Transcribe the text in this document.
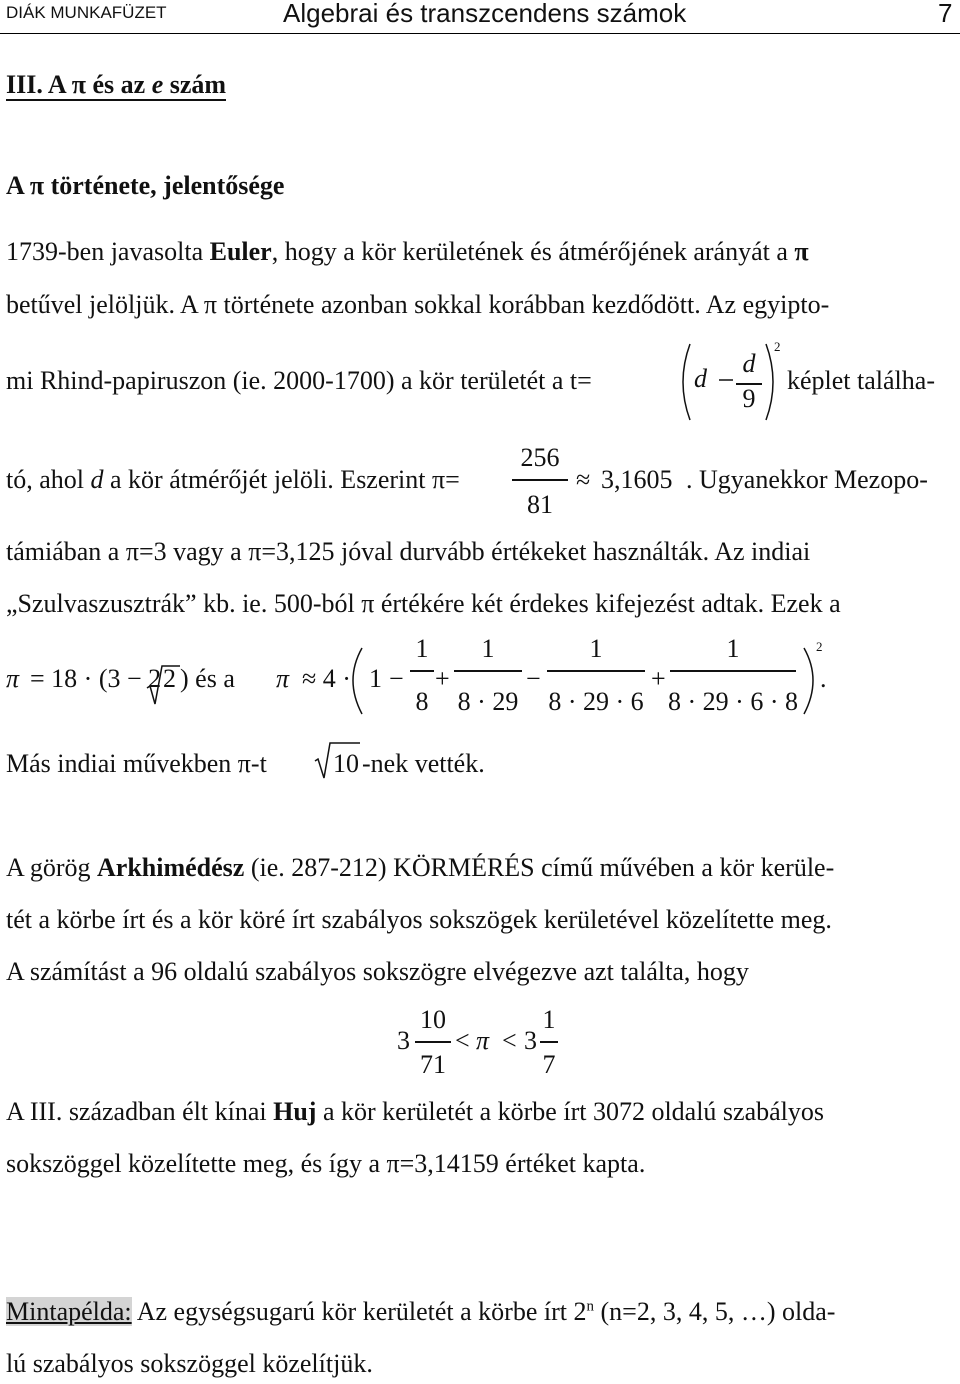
DIÁK MUNKAFÜZET	Algebrai és transzcendens számok	7
III. A π és az e szám
A π története, jelentősége
1739-ben javasolta Euler, hogy a kör kerületének és átmérőjének arányát a π
betűvel jelöljük. A π története azonban sokkal korábban kezdődött. Az egyipto-
mi Rhind-papiruszon (ie. 2000-1700) a kör területét a t=	képlet találha-
d
d
9
2
tó, ahol d a kör átmérőjét jelöli. Eszerint π=
256
81
≈ 3,1605 . Ugyanekkor Mezopo-
támiában a π=3 vagy a π=3,125 jóval durvább értékeket használták. Az indiai
„Szulvaszusztrák” kb. ie. 500-ból π értékére két érdekes kifejezést adtak. Ezek a
π = 18 · (3 − 2 2 ) és a π ≈ 4 · 1 −
1
8
+
1
8 · 29
−
1
8 · 29 · 6
+
1
8 · 29 · 6 · 8
2
.
Más indiai művekben π-t	10 -nek vették.
A görög Arkhimédész (ie. 287-212) KÖRMÉRÉS című művében a kör kerüle-
tét a körbe írt és a kör köré írt szabályos sokszögek kerületével közelítette meg.
A számítást a 96 oldalú szabályos sokszögre elvégezve azt találta, hogy
3
10
71
< π < 3
1
7
A III. században élt kínai Huj a kör kerületét a körbe írt 3072 oldalú szabályos
sokszöggel közelítette meg, és így a π=3,14159 értéket kapta.
Mintapélda: Az egységsugarú kör kerületét a körbe írt 2$^n$ (n=2, 3, 4, 5, …) olda-
lú szabályos sokszöggel közelítjük.
